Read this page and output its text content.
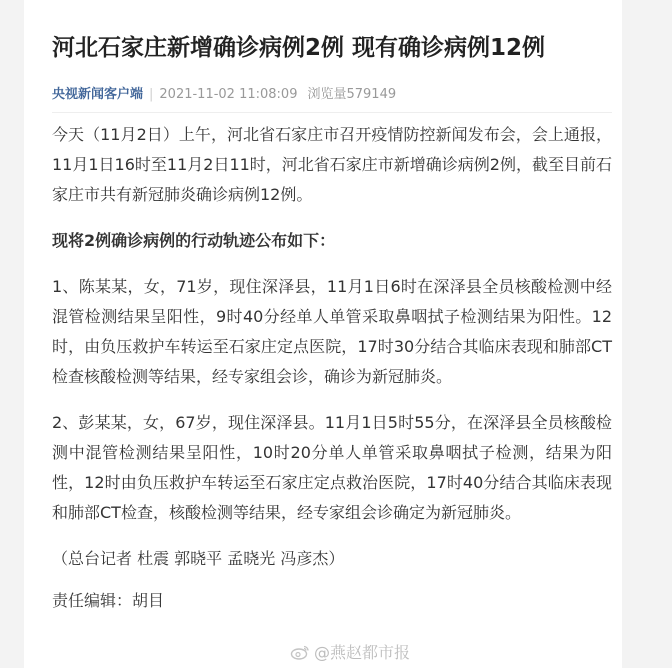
河北石家庄新增确诊病例2例 现有确诊病例12例
央视新闻客户端 | 2021-11-02 11:08:09 浏览量579149

今天（11月2日）上午，河北省石家庄市召开疫情防控新闻发布会，会上通报，11月1日16时至11月2日11时，河北省石家庄市新增确诊病例2例，截至目前石家庄市共有新冠肺炎确诊病例12例。

现将2例确诊病例的行动轨迹公布如下：

1、陈某某，女，71岁，现住深泽县，11月1日6时在深泽县全员核酸检测中经混管检测结果呈阳性，9时40分经单人单管采取鼻咽拭子检测结果为阳性。12时，由负压救护车转运至石家庄定点医院，17时30分结合其临床表现和肺部CT检查核酸检测等结果，经专家组会诊，确诊为新冠肺炎。

2、彭某某，女，67岁，现住深泽县。11月1日5时55分，在深泽县全员核酸检测中混管检测结果呈阳性，10时20分单人单管采取鼻咽拭子检测，结果为阳性，12时由负压救护车转运至石家庄定点救治医院，17时40分结合其临床表现和肺部CT检查，核酸检测等结果，经专家组会诊确定为新冠肺炎。

（总台记者 杜震 郭晓平 孟晓光 冯彦杰）

责任编辑：胡目

@燕赵都市报
